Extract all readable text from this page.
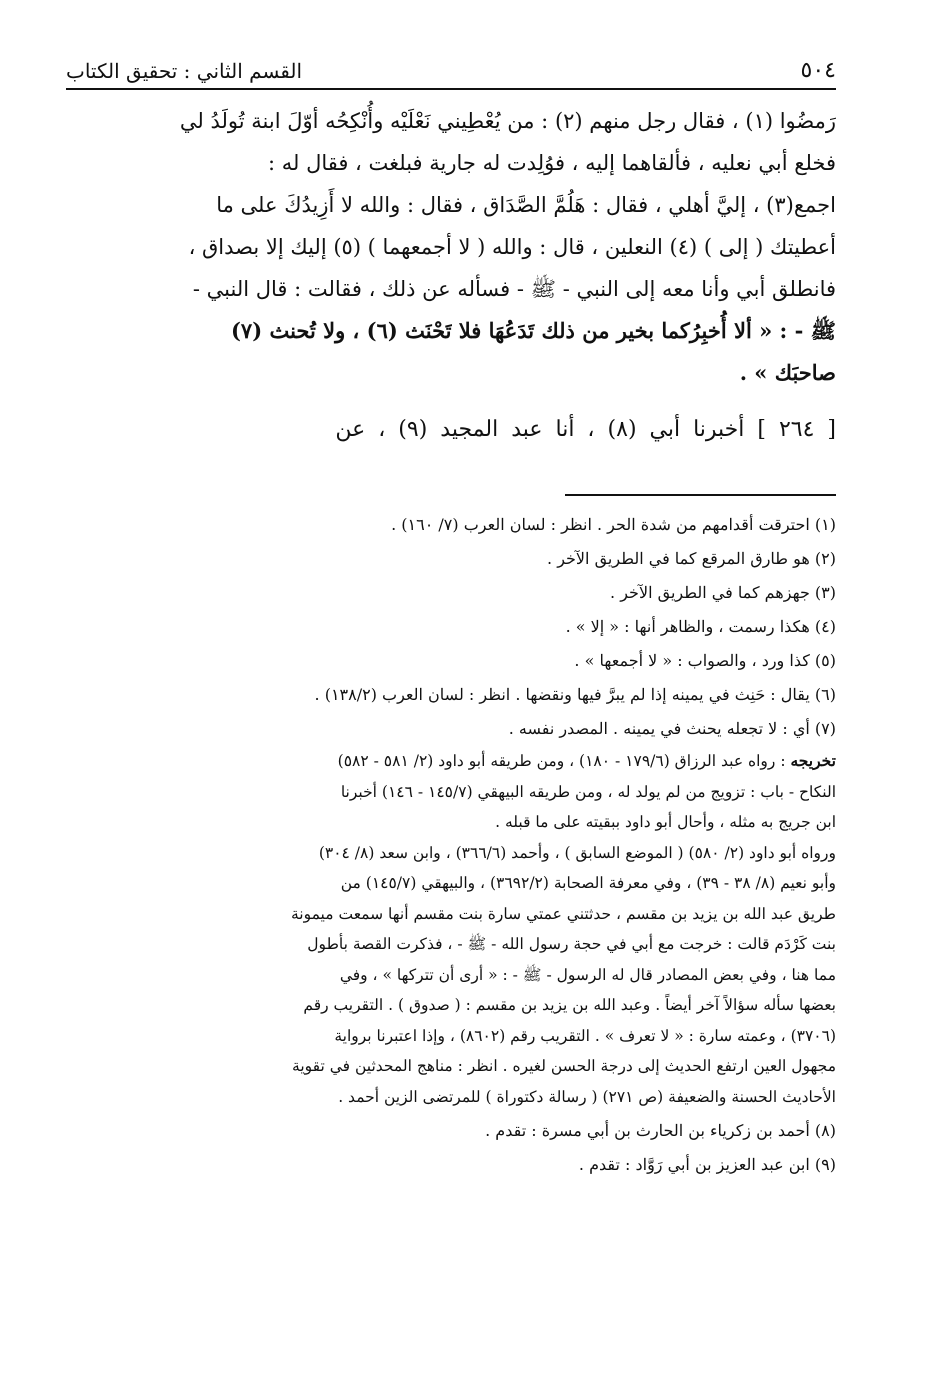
٥٠٤
القسم الثاني : تحقيق الكتاب
رَمضُوا (١) ، فقال رجل منهم (٢) : من يُعْطِيني نَعْلَيْه وأُنْكِحُه أوّلَ ابنة تُولَدُ لي
فخلع أبي نعليه ، فألقاهما إليه ، فوُلِدت له جارية فبلغت ، فقال له :
اجمع(٣) ، إليَّ أهلي ، فقال : هَلُمَّ الصَّدَاق ، فقال : والله لا أَزِيدُكَ على ما
أعطيتك ( إلى ) (٤) النعلين ، قال : والله ( لا أجمعهما ) (٥) إليك إلا بصداق ،
فانطلق أبي وأنا معه إلى النبي - ﷺ - فسأله عن ذلك ، فقالت : قال النبي -
ﷺ - : « ألا أُخبِرُكما بخير من ذلك تَدَعُهَا فلا تَحْنَث (٦) ، ولا تُحنث (٧)
صاحبَك » .
[ ٢٦٤ ] أخبرنا أبي (٨) ، أنا عبد المجيد (٩) ، عن
(١) احترقت أقدامهم من شدة الحر . انظر : لسان العرب (٧/ ١٦٠) .
(٢) هو طارق المرقع كما في الطريق الآخر .
(٣) جهزهم كما في الطريق الآخر .
(٤) هكذا رسمت ، والظاهر أنها : « إلا » .
(٥) كذا ورد ، والصواب : « لا أجمعها » .
(٦) يقال : حَنِث في يمينه إذا لم يبرَّ فيها ونقضها . انظر : لسان العرب (١٣٨/٢) .
(٧) أي : لا تجعله يحنث في يمينه . المصدر نفسه .
تخريجه : رواه عبد الرزاق (١٧٩/٦ - ١٨٠) ، ومن طريقه أبو داود (٢/ ٥٨١ - ٥٨٢)
النكاح - باب : تزويج من لم يولد له ، ومن طريقه البيهقي (١٤٥/٧ - ١٤٦) أخبرنا
ابن جريج به مثله ، وأحال أبو داود ببقيته على ما قبله .
ورواه أبو داود (٢/ ٥٨٠) ( الموضع السابق ) ، وأحمد (٣٦٦/٦) ، وابن سعد (٨/ ٣٠٤)
وأبو نعيم (٨/ ٣٨ - ٣٩) ، وفي معرفة الصحابة (٣٦٩٢/٢) ، والبيهقي (١٤٥/٧) من
طريق عبد الله بن يزيد بن مقسم ، حدثتني عمتي سارة بنت مقسم أنها سمعت ميمونة
بنت كَرْدَم قالت : خرجت مع أبي في حجة رسول الله - ﷺ - ، فذكرت القصة بأطول
مما هنا ، وفي بعض المصادر قال له الرسول - ﷺ - : « أرى أن تتركها » ، وفي
بعضها سأله سؤالاً آخر أيضاً . وعبد الله بن يزيد بن مقسم : ( صدوق ) . التقريب رقم
(٣٧٠٦) ، وعمته سارة : « لا تعرف » . التقريب رقم (٨٦٠٢) ، وإذا اعتبرنا برواية
مجهول العين ارتفع الحديث إلى درجة الحسن لغيره . انظر : مناهج المحدثين في تقوية
الأحاديث الحسنة والضعيفة (ص ٢٧١) ( رسالة دكتوراة ) للمرتضى الزين أحمد .
(٨) أحمد بن زكرياء بن الحارث بن أبي مسرة : تقدم .
(٩) ابن عبد العزيز بن أبي رَوَّاد : تقدم .
